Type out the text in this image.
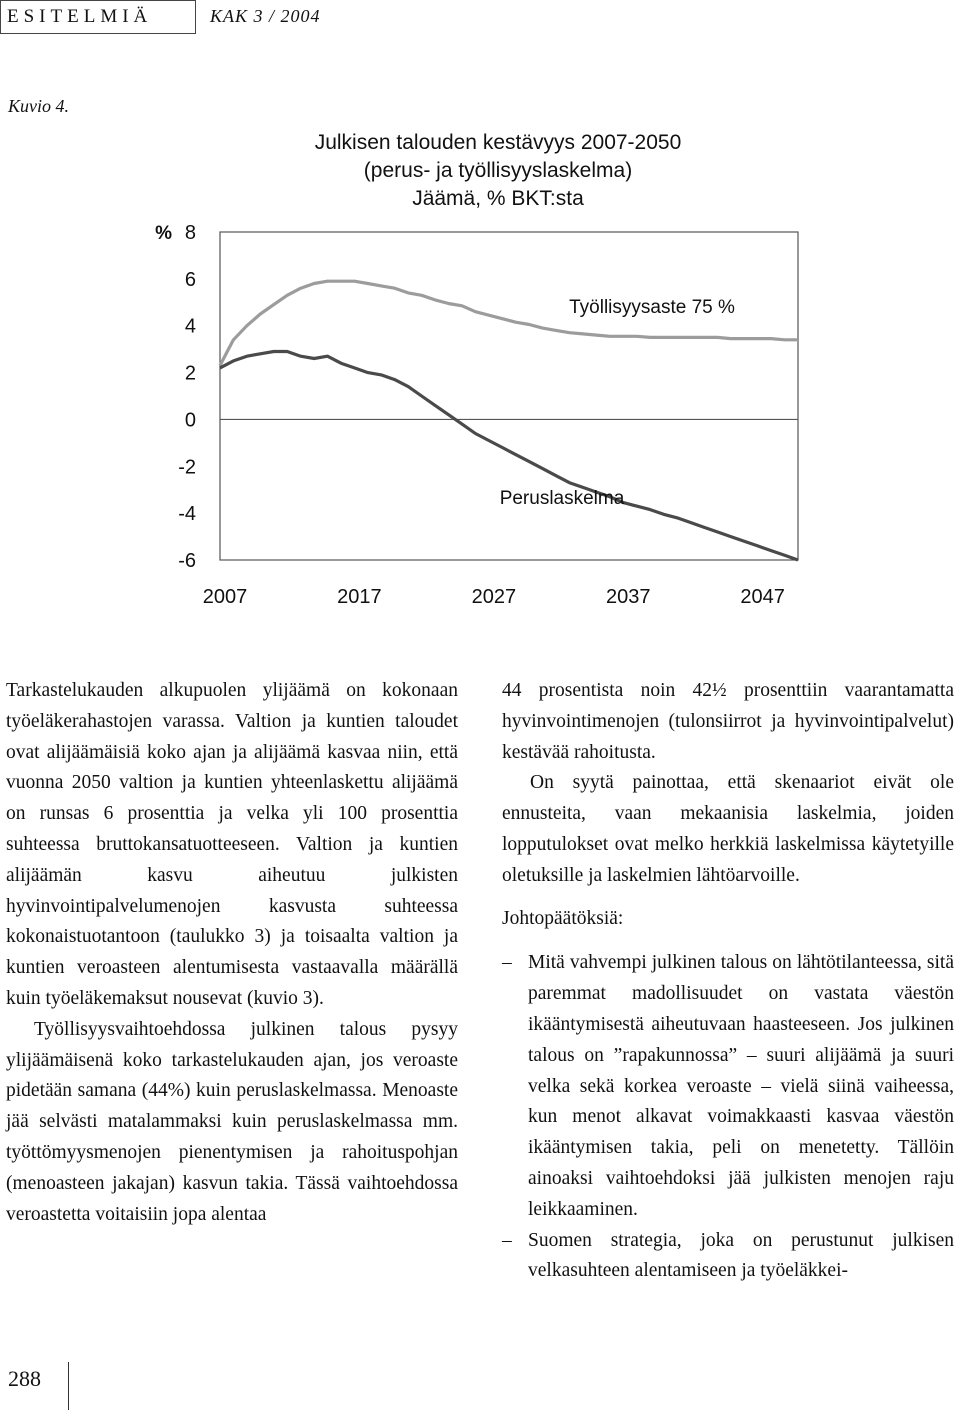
ESITELMIÄ	KAK 3 / 2004
Kuvio 4.
Julkisen talouden kestävyys 2007-2050
(perus- ja työllisyyslaskelma)
Jäämä, % BKT:sta
8
6
4
2
0
-2
-4
-6
%
2007	2017	2027	2037	2047
Työllisyysaste 75 %
Peruslaskelma

Tarkastelukauden alkupuolen ylijäämä on kokonaan työeläkerahastojen varassa. Valtion ja kuntien taloudet ovat alijäämäisiä koko ajan ja alijäämä kasvaa niin, että vuonna 2050 valtion ja kuntien yhteenlaskettu alijäämä on runsas 6 prosenttia ja velka yli 100 prosenttia suhteessa bruttokansatuotteeseen. Valtion ja kuntien alijäämän kasvu aiheutuu julkisten hyvinvointipalvelumenojen kasvusta suhteessa kokonaistuotantoon (taulukko 3) ja toisaalta valtion ja kuntien veroasteen alentumisesta vastaavalla määrällä kuin työeläkemaksut nousevat (kuvio 3).

Työllisyysvaihtoehdossa julkinen talous pysyy ylijäämäisenä koko tarkastelukauden ajan, jos veroaste pidetään samana (44%) kuin peruslaskelmassa. Menoaste jää selvästi matalammaksi kuin peruslaskelmassa mm. työttömyysmenojen pienentymisen ja rahoituspohjan (menoasteen jakajan) kasvun takia. Tässä vaihtoehdossa veroastetta voitaisiin jopa alentaa

44 prosentista noin 42½ prosenttiin vaarantamatta hyvinvointimenojen (tulonsiirrot ja hyvinvointipalvelut) kestävää rahoitusta.

On syytä painottaa, että skenaariot eivät ole ennusteita, vaan mekaanisia laskelmia, joiden lopputulokset ovat melko herkkiä laskelmissa käytetyille oletuksille ja laskelmien lähtöarvoille.

Johtopäätöksiä:

– Mitä vahvempi julkinen talous on lähtötilanteessa, sitä paremmat madollisuudet on vastata väestön ikääntymisestä aiheutuvaan haasteeseen. Jos julkinen talous on ”rapakunnossa” – suuri alijäämä ja suuri velka sekä korkea veroaste – vielä siinä vaiheessa, kun menot alkavat voimakkaasti kasvaa väestön ikääntymisen takia, peli on menetetty. Tällöin ainoaksi vaihtoehdoksi jää julkisten menojen raju leikkaaminen.
– Suomen strategia, joka on perustunut julkisen velkasuhteen alentamiseen ja työeläkkei-
288
